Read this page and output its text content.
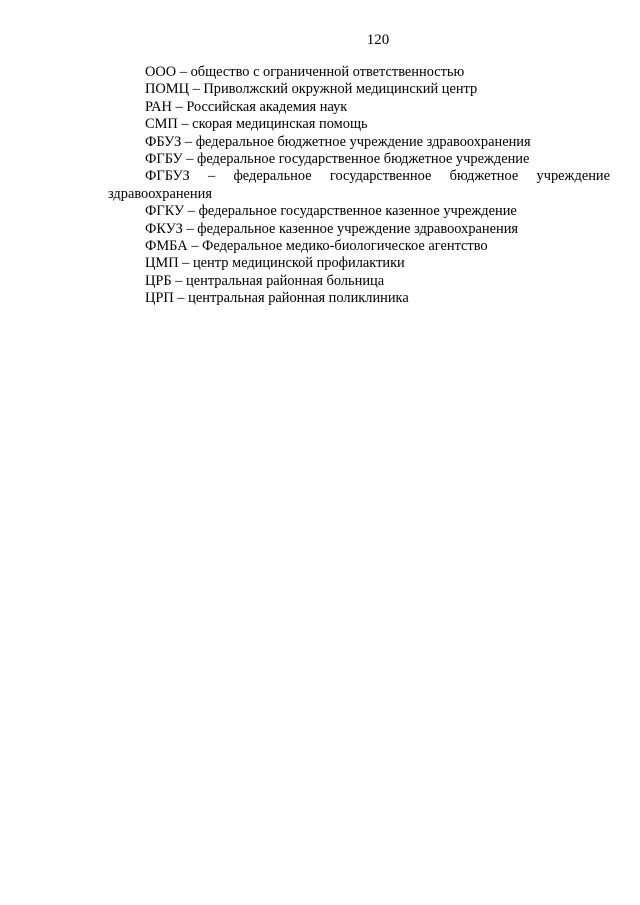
120
ООО – общество с ограниченной ответственностью
ПОМЦ – Приволжский окружной медицинский центр
РАН – Российская академия наук
СМП – скорая медицинская помощь
ФБУЗ – федеральное бюджетное учреждение здравоохранения
ФГБУ – федеральное государственное бюджетное учреждение
ФГБУЗ – федеральное государственное бюджетное учреждение
здравоохранения
ФГКУ – федеральное государственное казенное учреждение
ФКУЗ – федеральное казенное учреждение здравоохранения
ФМБА – Федеральное медико-биологическое агентство
ЦМП – центр медицинской профилактики
ЦРБ – центральная районная больница
ЦРП – центральная районная поликлиника
